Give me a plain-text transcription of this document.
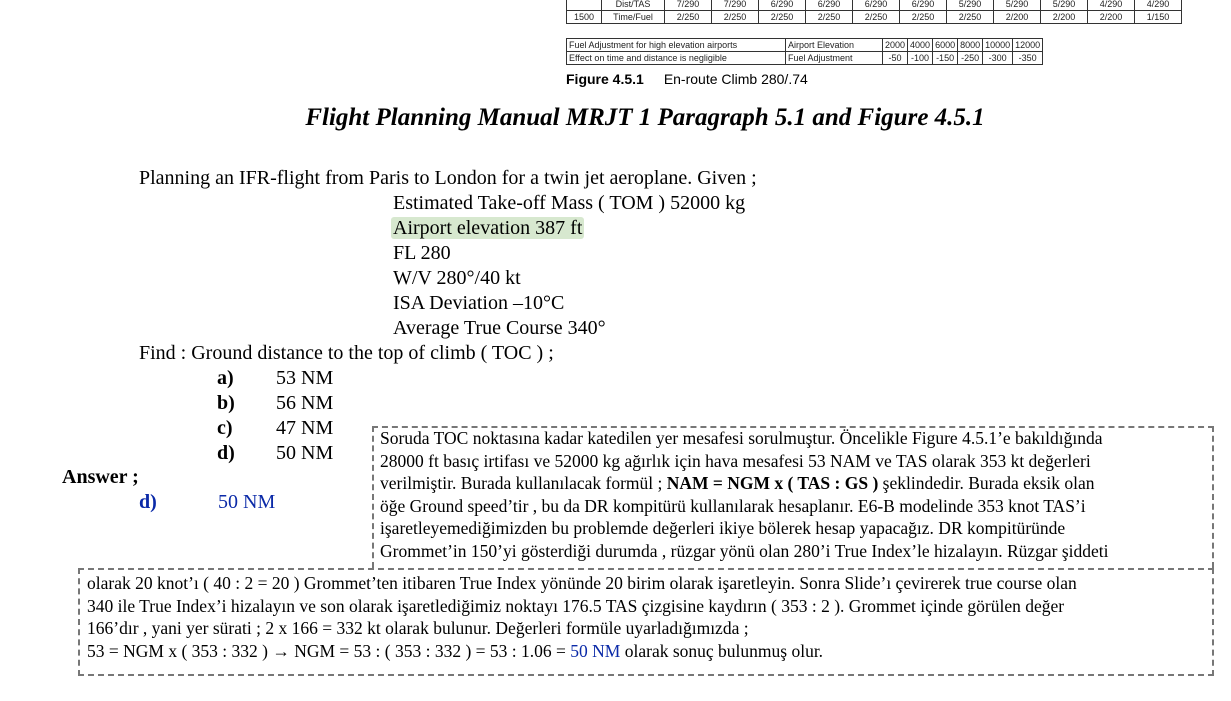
	Dist/TAS	7/290	7/290	6/290	6/290	6/290	6/290	5/290	5/290	5/290	4/290	4/290
1500	Time/Fuel	2/250	2/250	2/250	2/250	2/250	2/250	2/250	2/200	2/200	2/200	1/150
Fuel Adjustment for high elevation airports	Airport Elevation	2000	4000	6000	8000	10000	12000
Effect on time and distance is negligible	Fuel Adjustment	-50	-100	-150	-250	-300	-350
Figure 4.5.1 En-route Climb 280/.74
Flight Planning Manual MRJT 1 Paragraph 5.1 and Figure 4.5.1
Planning an IFR-flight from Paris to London for a twin jet aeroplane. Given ;
Estimated Take-off Mass ( TOM ) 52000 kg
Airport elevation 387 ft
FL 280
W/V 280°/40 kt
ISA Deviation –10°C
Average True Course 340°
Find : Ground distance to the top of climb ( TOC ) ;
a) 53 NM
b) 56 NM
c) 47 NM
d) 50 NM
Answer ;
d)	50 NM
Soruda TOC noktasına kadar katedilen yer mesafesi sorulmuştur. Öncelikle Figure 4.5.1’e bakıldığında
28000 ft basıç irtifası ve 52000 kg ağırlık için hava mesafesi 53 NAM ve TAS olarak 353 kt değerleri
verilmiştir. Burada kullanılacak formül ; NAM = NGM x ( TAS : GS ) şeklindedir. Burada eksik olan
öğe Ground speed’tir , bu da DR kompitürü kullanılarak hesaplanır. E6-B modelinde 353 knot TAS’i
işaretleyemediğimizden bu problemde değerleri ikiye bölerek hesap yapacağız. DR kompitüründe
Grommet’in 150’yi gösterdiği durumda , rüzgar yönü olan 280’i True Index’le hizalayın. Rüzgar şiddeti
olarak 20 knot’ı ( 40 : 2 = 20 ) Grommet’ten itibaren True Index yönünde 20 birim olarak işaretleyin. Sonra Slide’ı çevirerek true course olan
340 ile True Index’i hizalayın ve son olarak işaretlediğimiz noktayı 176.5 TAS çizgisine kaydırın ( 353 : 2 ). Grommet içinde görülen değer
166’dır , yani yer sürati ; 2 x 166 = 332 kt olarak bulunur. Değerleri formüle uyarladığımızda ;
53 = NGM x ( 353 : 332 ) → NGM = 53 : ( 353 : 332 ) = 53 : 1.06 = 50 NM olarak sonuç bulunmuş olur.
